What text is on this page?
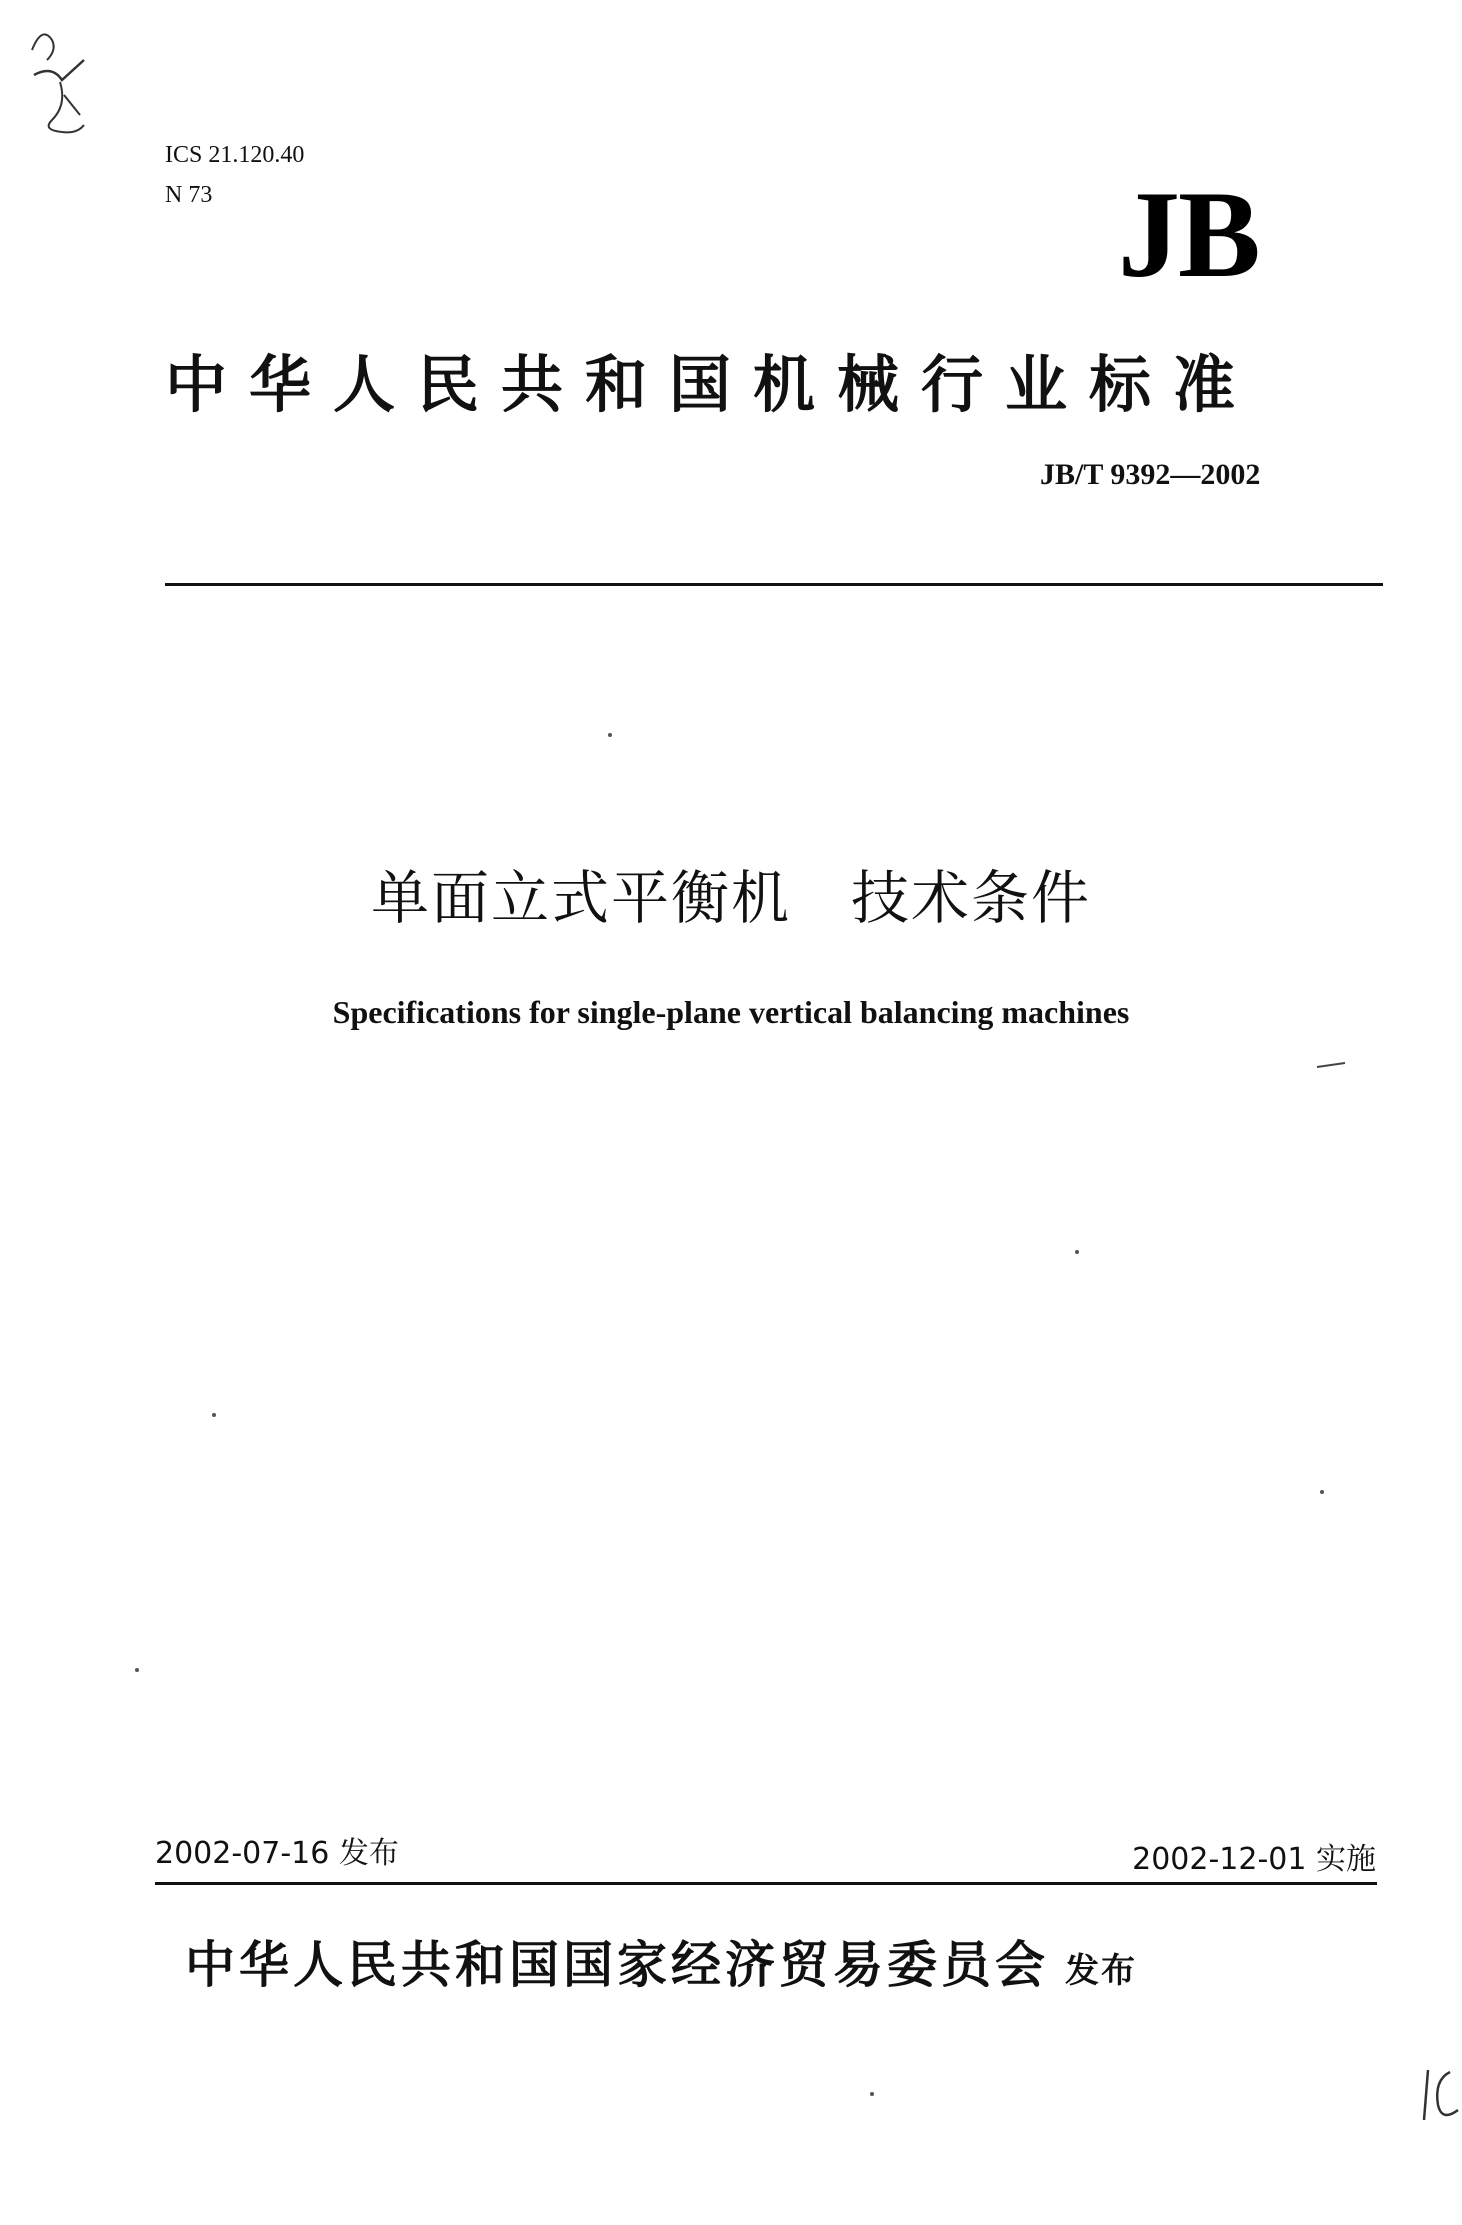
ICS 21.120.40
N 73	JB
中华人民共和国机械行业标准
JB/T 9392—2002
单面立式平衡机 技术条件
Specifications for single-plane vertical balancing machines
2002-07-16 发布	2002-12-01 实施
中华人民共和国国家经济贸易委员会 发布
